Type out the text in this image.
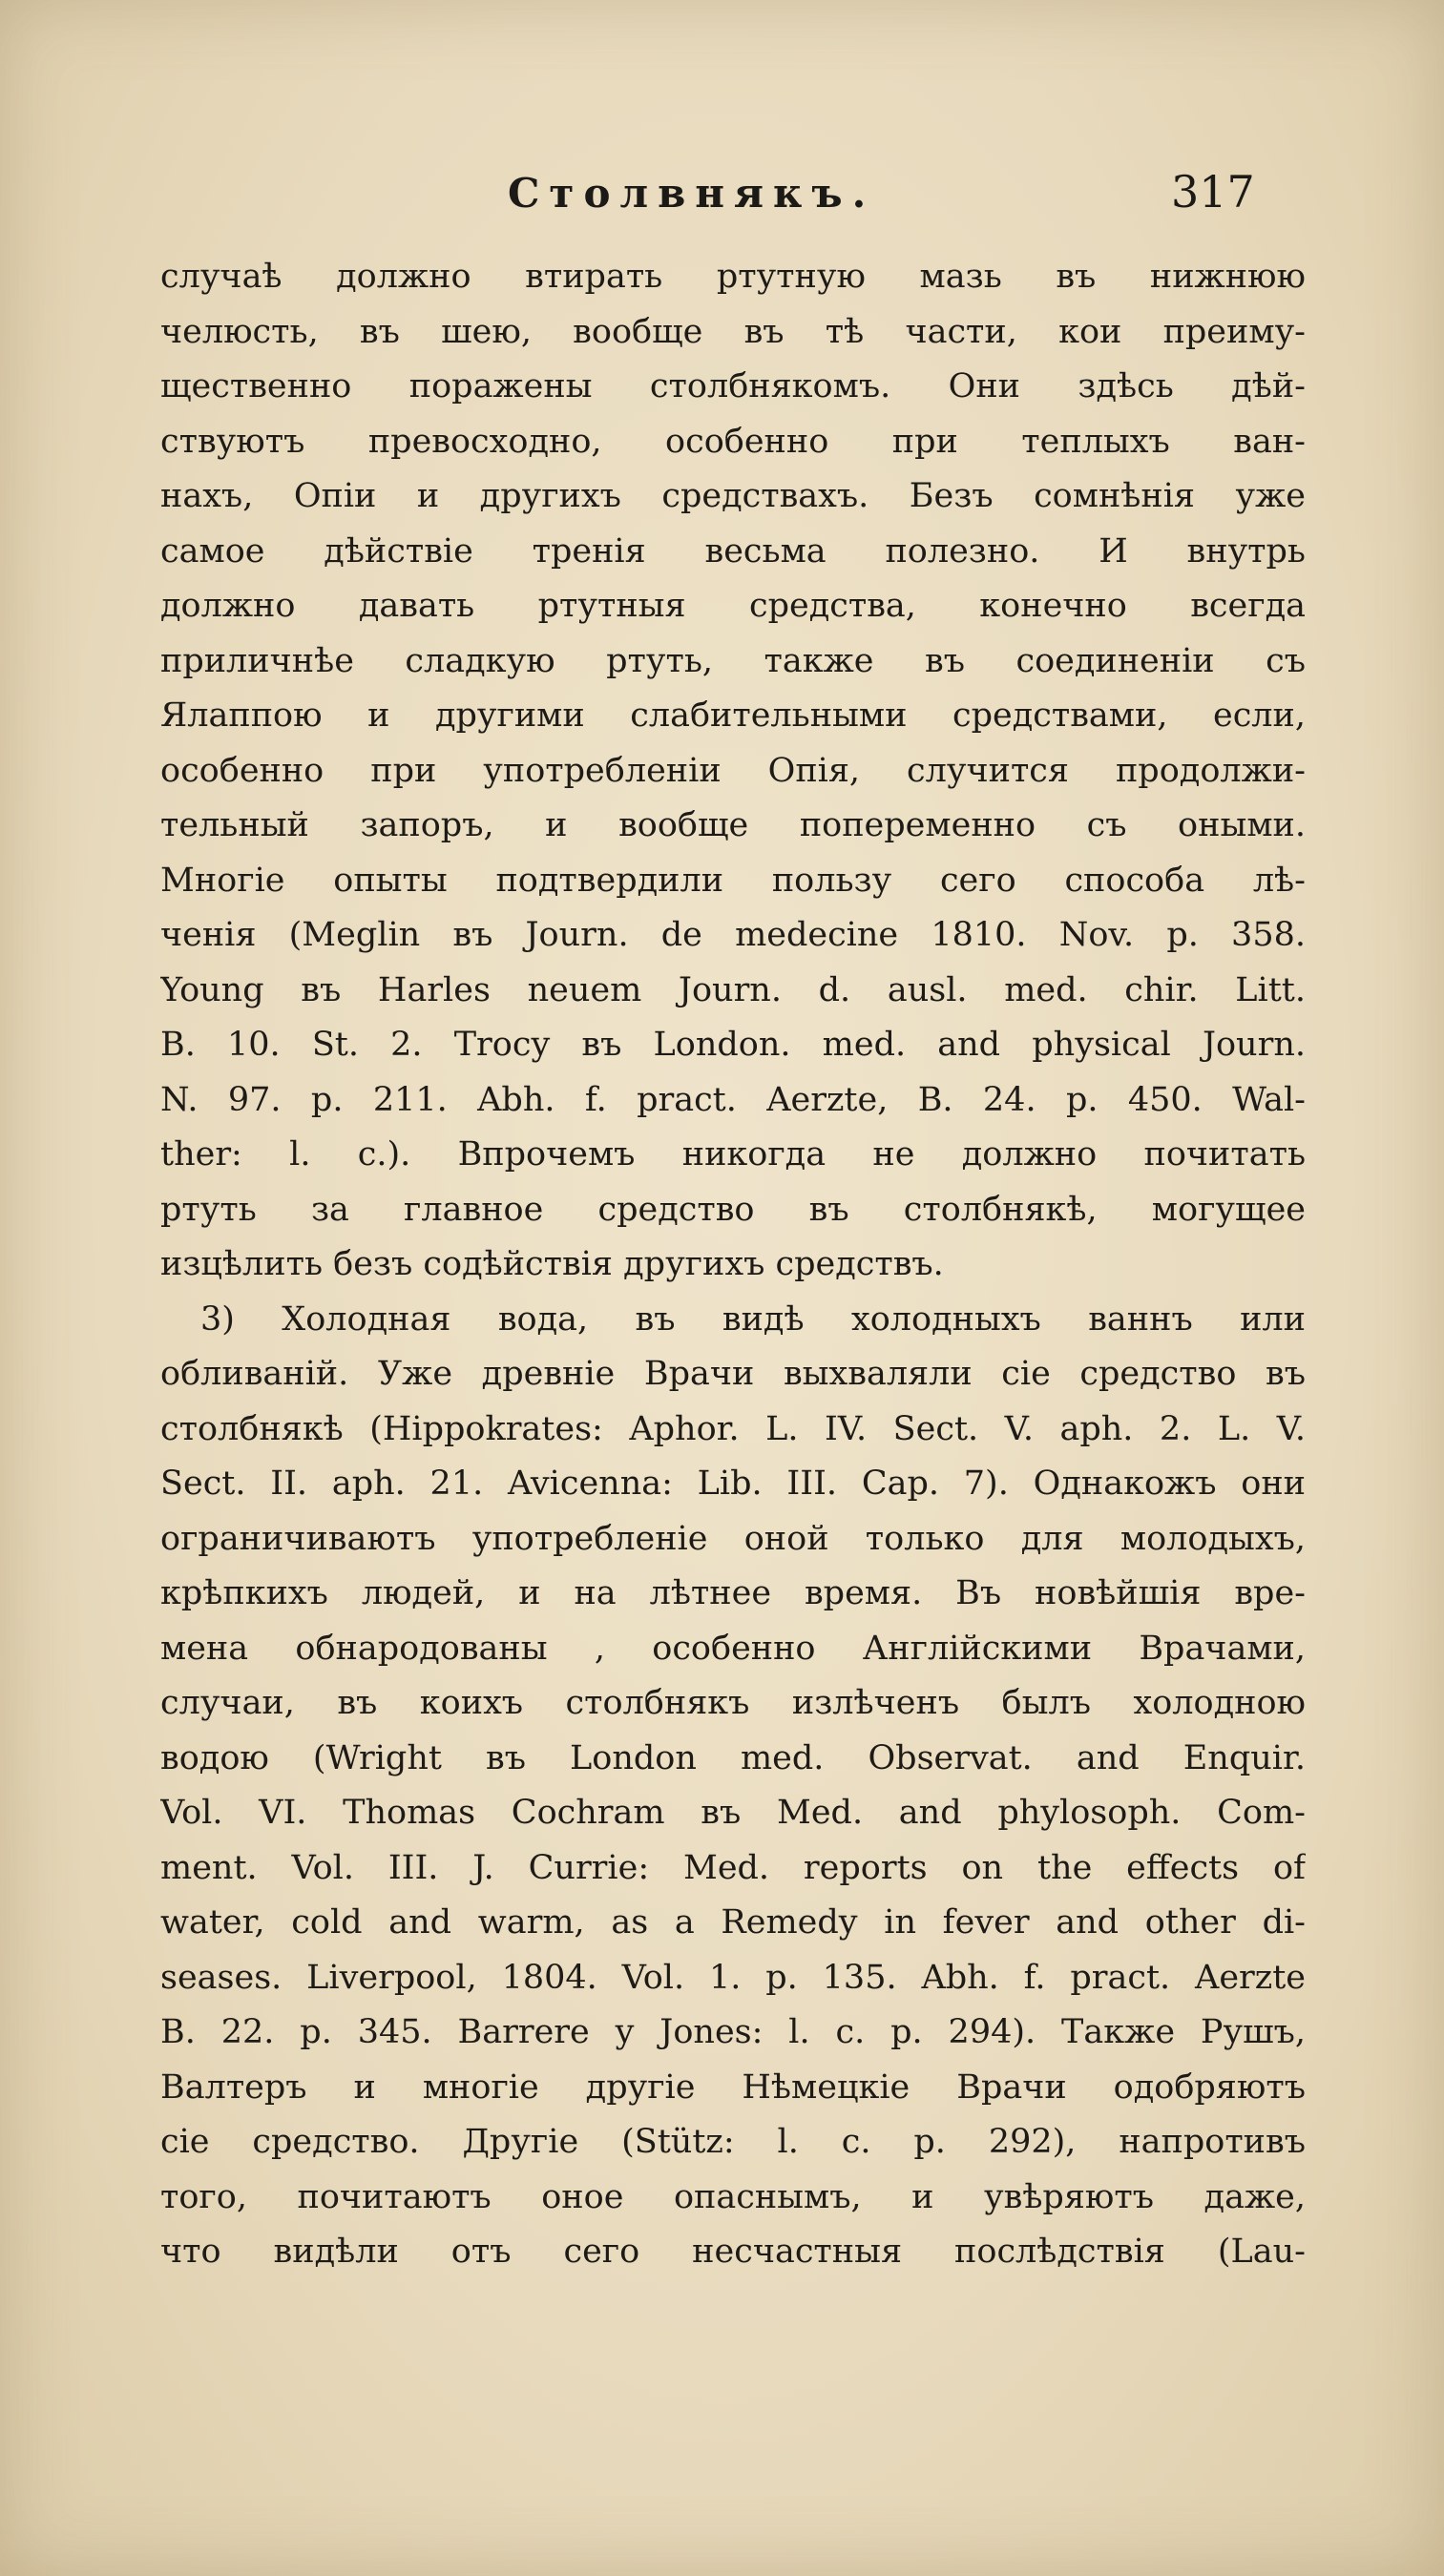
Столвнякъ.	317
случаѣ должно втирать ртутную мазь въ нижнюю
челюсть, въ шею, вообще въ тѣ части, кои преиму-
щественно поражены столбнякомъ. Они здѣсь дѣй-
ствуютъ превосходно, особенно при теплыхъ ван-
нахъ, Опіи и другихъ средствахъ. Безъ сомнѣнія уже
самое дѣйствіе тренія весьма полезно. И внутрь
должно давать ртутныя средства, конечно всегда
приличнѣе сладкую ртуть, также въ соединеніи съ
Ялаппою и другими слабительными средствами, если,
особенно при употребленіи Опія, случится продолжи-
тельный запоръ, и вообще попеременно съ оными.
Многіе опыты подтвердили пользу сего способа лѣ-
ченія (Meglin въ Journ. de medecine 1810. Nov. p. 358.
Young въ Harles neuem Journ. d. ausl. med. chir. Litt.
B. 10. St. 2. Trocy въ London. med. and physical Journ.
N. 97. p. 211. Abh. f. pract. Aerzte, B. 24. p. 450. Wal-
ther: l. c.). Впрочемъ никогда не должно почитать
ртуть за главное средство въ столбнякѣ, могущее
изцѣлить безъ содѣйствія другихъ средствъ.
3) Холодная вода, въ видѣ холодныхъ ваннъ или
обливаній. Уже древніе Врачи выхваляли сіе средство въ
столбнякѣ (Hippokrates: Aphor. L. IV. Sect. V. aph. 2. L. V.
Sect. II. aph. 21. Avicenna: Lib. III. Cap. 7). Однакожъ они
ограничиваютъ употребленіе оной только для молодыхъ,
крѣпкихъ людей, и на лѣтнее время. Въ новѣйшія вре-
мена обнародованы , особенно Англійскими Врачами,
случаи, въ коихъ столбнякъ излѣченъ былъ холодною
водою (Wright въ London med. Observat. and Enquir.
Vol. VI. Thomas Cochram въ Med. and phylosoph. Com-
ment. Vol. III. J. Currie: Med. reports on the effects of
water, cold and warm, as a Remedy in fever and other di-
seases. Liverpool, 1804. Vol. 1. p. 135. Abh. f. pract. Aerzte
B. 22. p. 345. Barrere y Jones: l. c. p. 294). Также Рушъ,
Валтеръ и многіе другіе Нѣмецкіе Врачи одобряютъ
сіе средство. Другіе (Stütz: l. c. p. 292), напротивъ
того, почитаютъ оное опаснымъ, и увѣряютъ даже,
что видѣли отъ сего несчастныя послѣдствія (Lau-
